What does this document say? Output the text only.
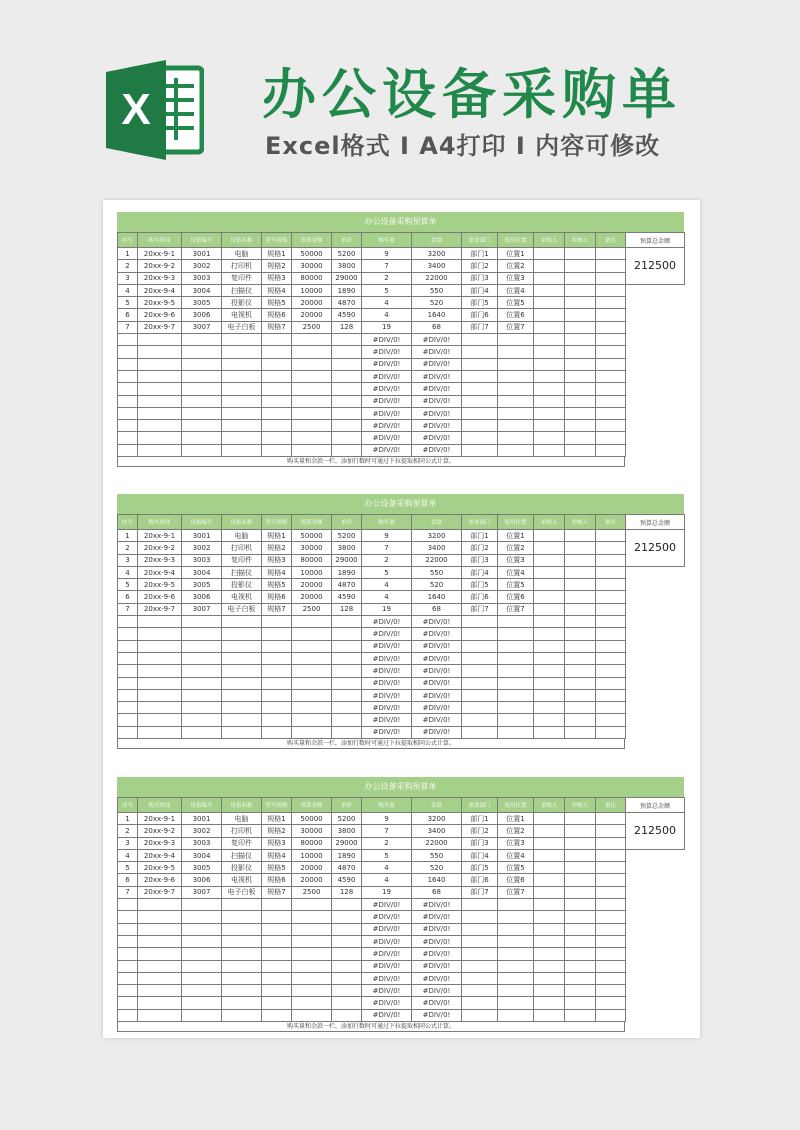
X 办公设备采购单
Excel格式 I A4打印 I 内容可修改
办公设备采购预算单
序号	购买时间	设备编号	设备名称	型号规格	预算金额	单价	购买量	余款	需求部门	使用位置	采购人	审核人	备注	预算总金额
1	20xx-9-1	3001	电脑	规格1	50000	5200	9	3200	部门1	位置1				212500
2	20xx-9-2	3002	打印机	规格2	30000	3800	7	3400	部门2	位置2				
3	20xx-9-3	3003	复印件	规格3	80000	29000	2	22000	部门3	位置3				
4	20xx-9-4	3004	扫描仪	规格4	10000	1890	5	550	部门4	位置4				
5	20xx-9-5	3005	投影仪	规格5	20000	4870	4	520	部门5	位置5				
6	20xx-9-6	3006	电视机	规格6	20000	4590	4	1640	部门6	位置6				
7	20xx-9-7	3007	电子白板	规格7	2500	128	19	68	部门7	位置7				
							#DIV/0!	#DIV/0!						
							#DIV/0!	#DIV/0!						
							#DIV/0!	#DIV/0!						
							#DIV/0!	#DIV/0!						
							#DIV/0!	#DIV/0!						
							#DIV/0!	#DIV/0!						
							#DIV/0!	#DIV/0!						
							#DIV/0!	#DIV/0!						
							#DIV/0!	#DIV/0!						
							#DIV/0!	#DIV/0!						
购买量和余款一栏，添加行数时可通过下拉提取相同公式计算。
办公设备采购预算单
序号	购买时间	设备编号	设备名称	型号规格	预算金额	单价	购买量	余款	需求部门	使用位置	采购人	审核人	备注	预算总金额
1	20xx-9-1	3001	电脑	规格1	50000	5200	9	3200	部门1	位置1				212500
2	20xx-9-2	3002	打印机	规格2	30000	3800	7	3400	部门2	位置2				
3	20xx-9-3	3003	复印件	规格3	80000	29000	2	22000	部门3	位置3				
4	20xx-9-4	3004	扫描仪	规格4	10000	1890	5	550	部门4	位置4				
5	20xx-9-5	3005	投影仪	规格5	20000	4870	4	520	部门5	位置5				
6	20xx-9-6	3006	电视机	规格6	20000	4590	4	1640	部门6	位置6				
7	20xx-9-7	3007	电子白板	规格7	2500	128	19	68	部门7	位置7				
							#DIV/0!	#DIV/0!						
							#DIV/0!	#DIV/0!						
							#DIV/0!	#DIV/0!						
							#DIV/0!	#DIV/0!						
							#DIV/0!	#DIV/0!						
							#DIV/0!	#DIV/0!						
							#DIV/0!	#DIV/0!						
							#DIV/0!	#DIV/0!						
							#DIV/0!	#DIV/0!						
							#DIV/0!	#DIV/0!						
购买量和余款一栏，添加行数时可通过下拉提取相同公式计算。
办公设备采购预算单
序号	购买时间	设备编号	设备名称	型号规格	预算金额	单价	购买量	余款	需求部门	使用位置	采购人	审核人	备注	预算总金额
1	20xx-9-1	3001	电脑	规格1	50000	5200	9	3200	部门1	位置1				212500
2	20xx-9-2	3002	打印机	规格2	30000	3800	7	3400	部门2	位置2				
3	20xx-9-3	3003	复印件	规格3	80000	29000	2	22000	部门3	位置3				
4	20xx-9-4	3004	扫描仪	规格4	10000	1890	5	550	部门4	位置4				
5	20xx-9-5	3005	投影仪	规格5	20000	4870	4	520	部门5	位置5				
6	20xx-9-6	3006	电视机	规格6	20000	4590	4	1640	部门6	位置6				
7	20xx-9-7	3007	电子白板	规格7	2500	128	19	68	部门7	位置7				
							#DIV/0!	#DIV/0!						
							#DIV/0!	#DIV/0!						
							#DIV/0!	#DIV/0!						
							#DIV/0!	#DIV/0!						
							#DIV/0!	#DIV/0!						
							#DIV/0!	#DIV/0!						
							#DIV/0!	#DIV/0!						
							#DIV/0!	#DIV/0!						
							#DIV/0!	#DIV/0!						
							#DIV/0!	#DIV/0!						
购买量和余款一栏，添加行数时可通过下拉提取相同公式计算。
